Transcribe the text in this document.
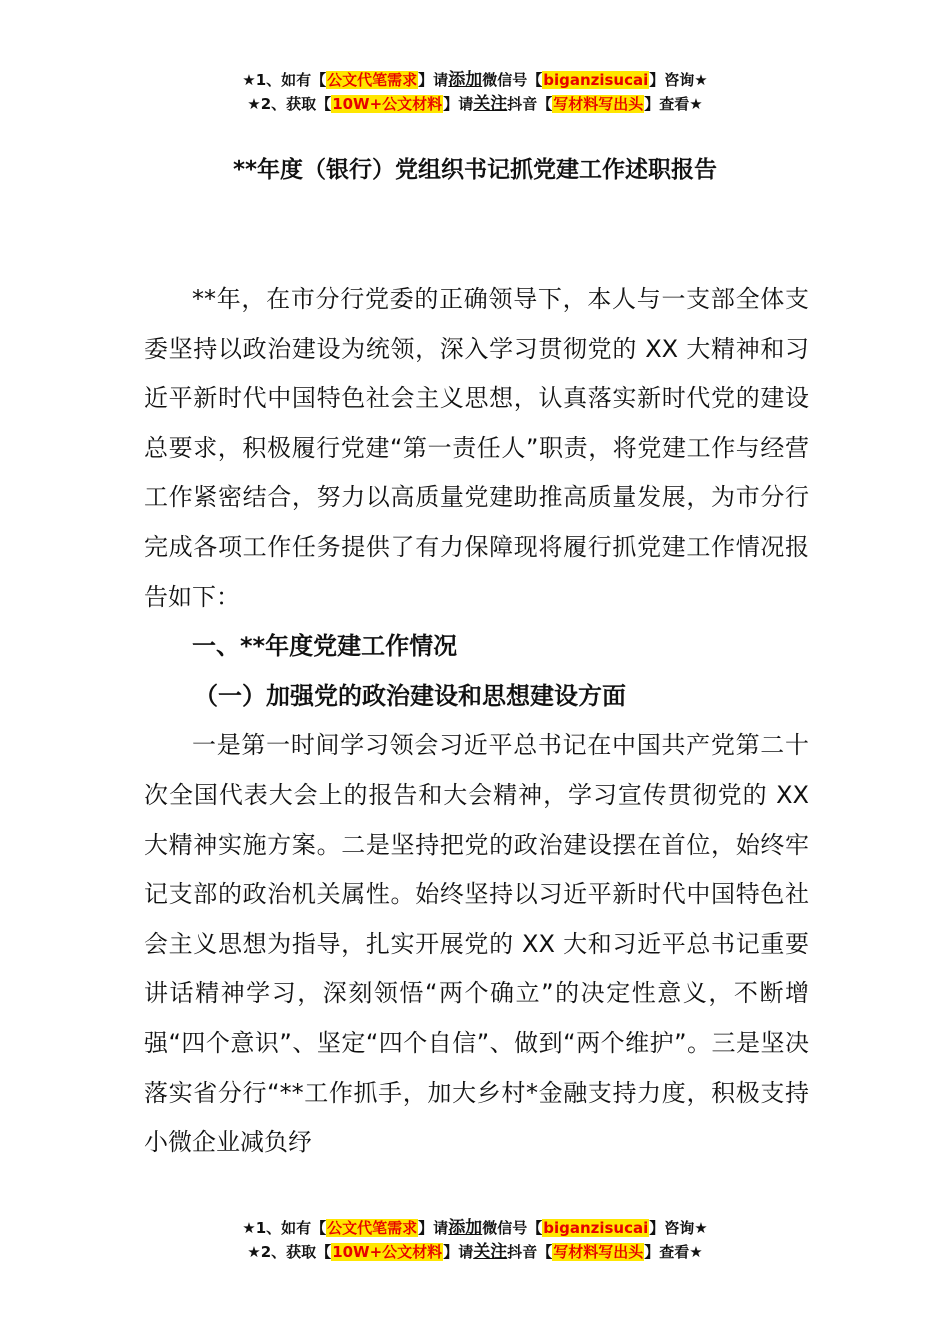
★1、如有【公文代笔需求】请添加微信号【biganzisucai】咨询★
★2、获取【10W+公文材料】请关注抖音【写材料写出头】查看★
**年度（银行）党组织书记抓党建工作述职报告

**年，在市分行党委的正确领导下，本人与一支部全体支委坚持以政治建设为统领，深入学习贯彻党的 XX 大精神和习近平新时代中国特色社会主义思想，认真落实新时代党的建设总要求，积极履行党建“第一责任人”职责，将党建工作与经营工作紧密结合，努力以高质量党建助推高质量发展，为市分行完成各项工作任务提供了有力保障现将履行抓党建工作情况报告如下：

一、**年度党建工作情况
（一）加强党的政治建设和思想建设方面

一是第一时间学习领会习近平总书记在中国共产党第二十次全国代表大会上的报告和大会精神，学习宣传贯彻党的 XX 大精神实施方案。二是坚持把党的政治建设摆在首位，始终牢记支部的政治机关属性。始终坚持以习近平新时代中国特色社会主义思想为指导，扎实开展党的 XX 大和习近平总书记重要讲话精神学习，深刻领悟“两个确立”的决定性意义，不断增强“四个意识”、坚定“四个自信”、做到“两个维护”。三是坚决落实省分行“**工作抓手，加大乡村*金融支持力度，积极支持小微企业减负纾

★1、如有【公文代笔需求】请添加微信号【biganzisucai】咨询★
★2、获取【10W+公文材料】请关注抖音【写材料写出头】查看★
